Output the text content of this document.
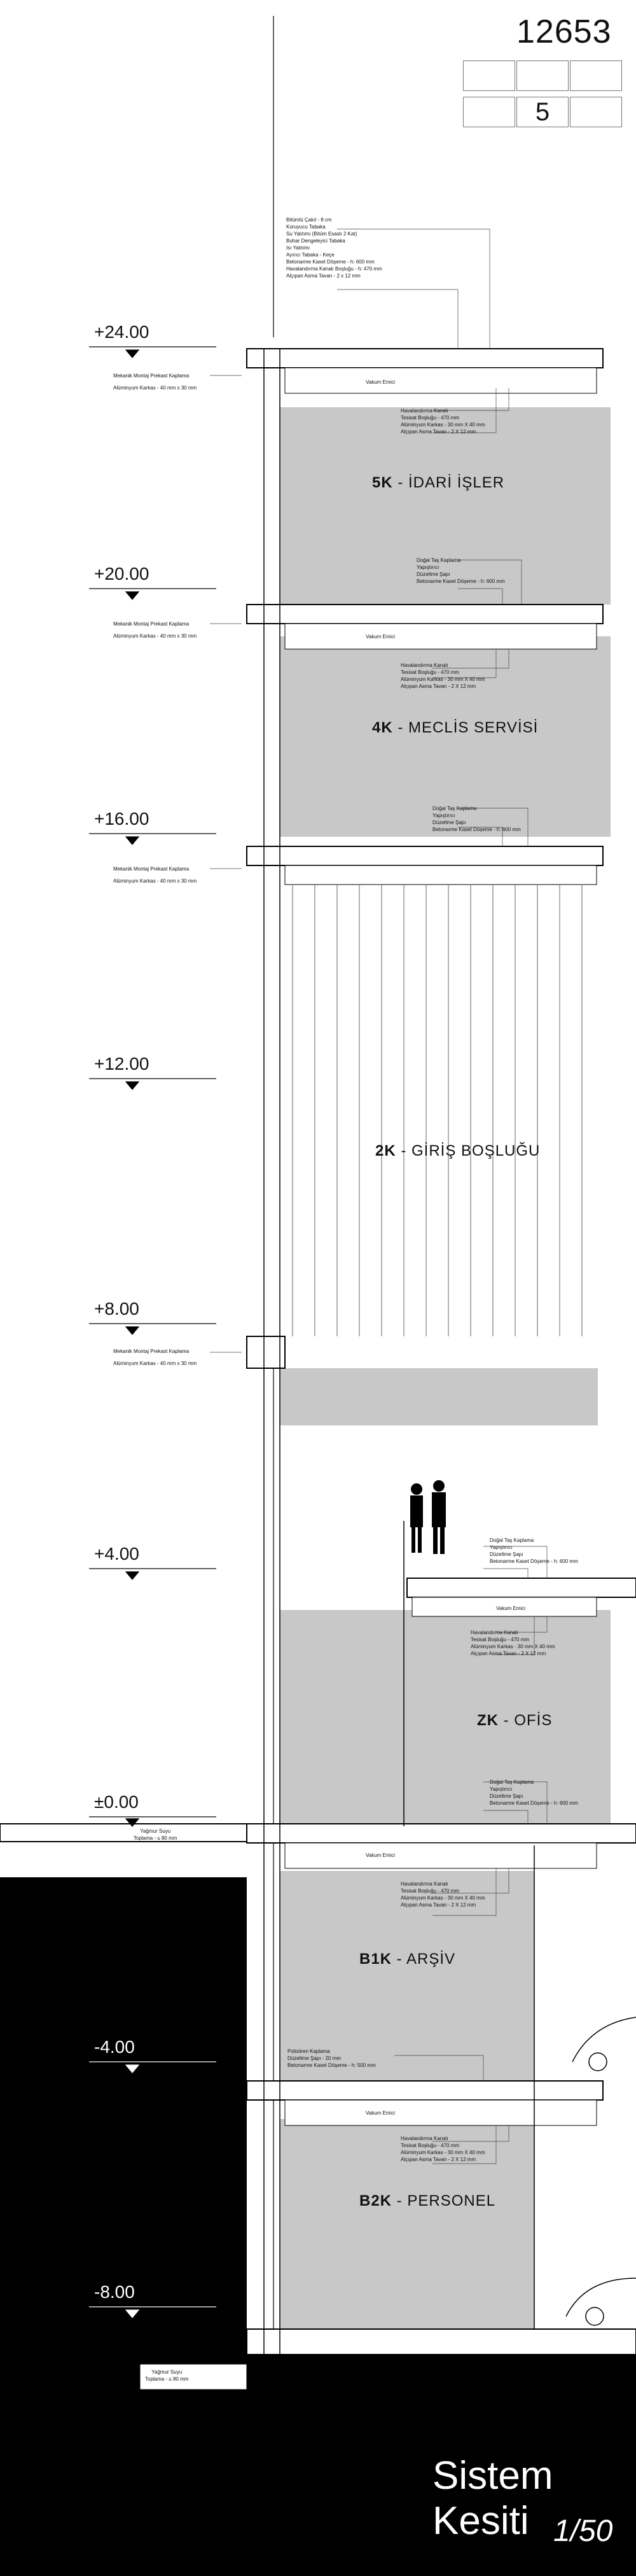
12653
5
+24.00
+20.00
+16.00
+12.00
+8.00
+4.00
±0.00
-4.00
-8.00
5K - İDARİ İŞLER
4K - MECLİS SERVİSİ
2K - GİRİŞ BOŞLUĞU
ZK - OFİS
B1K - ARŞİV
B2K - PERSONEL
Bitümlü Çakıl - 8 cm
Koruyucu Tabaka
Su Yalıtımı (Bitüm Esaslı 2 Kat)
Buhar Dengeleyici Tabaka
Isı Yalıtımı
Ayırıcı Tabaka - Keçe
Betonarme Kaset Döşeme - h: 600 mm
Havalandırma Kanalı Boşluğu - h: 470 mm
Alçıpan Asma Tavan - 2 x 12 mm
Havalandırma Kanalı
Tesisat Boşluğu - 470 mm
Alüminyum Karkas - 30 mm X 40 mm
Alçıpan Asma Tavan - 2 X 12 mm
Havalandırma Kanalı
Tesisat Boşluğu - 470 mm
Alüminyum Karkas - 30 mm X 40 mm
Alçıpan Asma Tavan - 2 X 12 mm
Havalandırma Kanalı
Tesisat Boşluğu - 470 mm
Alüminyum Karkas - 30 mm X 40 mm
Alçıpan Asma Tavan - 2 X 12 mm
Havalandırma Kanalı
Tesisat Boşluğu - 470 mm
Alüminyum Karkas - 30 mm X 40 mm
Alçıpan Asma Tavan - 2 X 12 mm
Havalandırma Kanalı
Tesisat Boşluğu - 470 mm
Alüminyum Karkas - 30 mm X 40 mm
Alçıpan Asma Tavan - 2 X 12 mm
Doğal Taş Kaplama
Yapıştırıcı
Düzeltme Şapı
Betonarme Kaset Döşeme - h: 600 mm
Doğal Taş Kaplama
Yapıştırıcı
Düzeltme Şapı
Betonarme Kaset Döşeme - h: 600 mm
Doğal Taş Kaplama
Yapıştırıcı
Düzeltme Şapı
Betonarme Kaset Döşeme - h: 600 mm
Doğal Taş Kaplama
Yapıştırıcı
Düzeltme Şapı
Betonarme Kaset Döşeme - h: 600 mm
Mekanik Montaj Prekast Kaplama
Alüminyum Karkas - 40 mm x 30 mm
Mekanik Montaj Prekast Kaplama
Alüminyum Karkas - 40 mm x 30 mm
Mekanik Montaj Prekast Kaplama
Alüminyum Karkas - 40 mm x 30 mm
Mekanik Montaj Prekast Kaplama
Alüminyum Karkas - 40 mm x 30 mm
Vakum Emici
Vakum Emici
Vakum Emici
Vakum Emici
Vakum Emici
Yağmur Suyu
Toplama - ≤ 80 mm
Yağmur Suyu
Toplama - ≤ 80 mm
Polistiren Kaplama
Düzeltme Şapı - 20 mm
Betonarme Kaset Döşeme - h: 500 mm
Sistem Kesiti 1/50
